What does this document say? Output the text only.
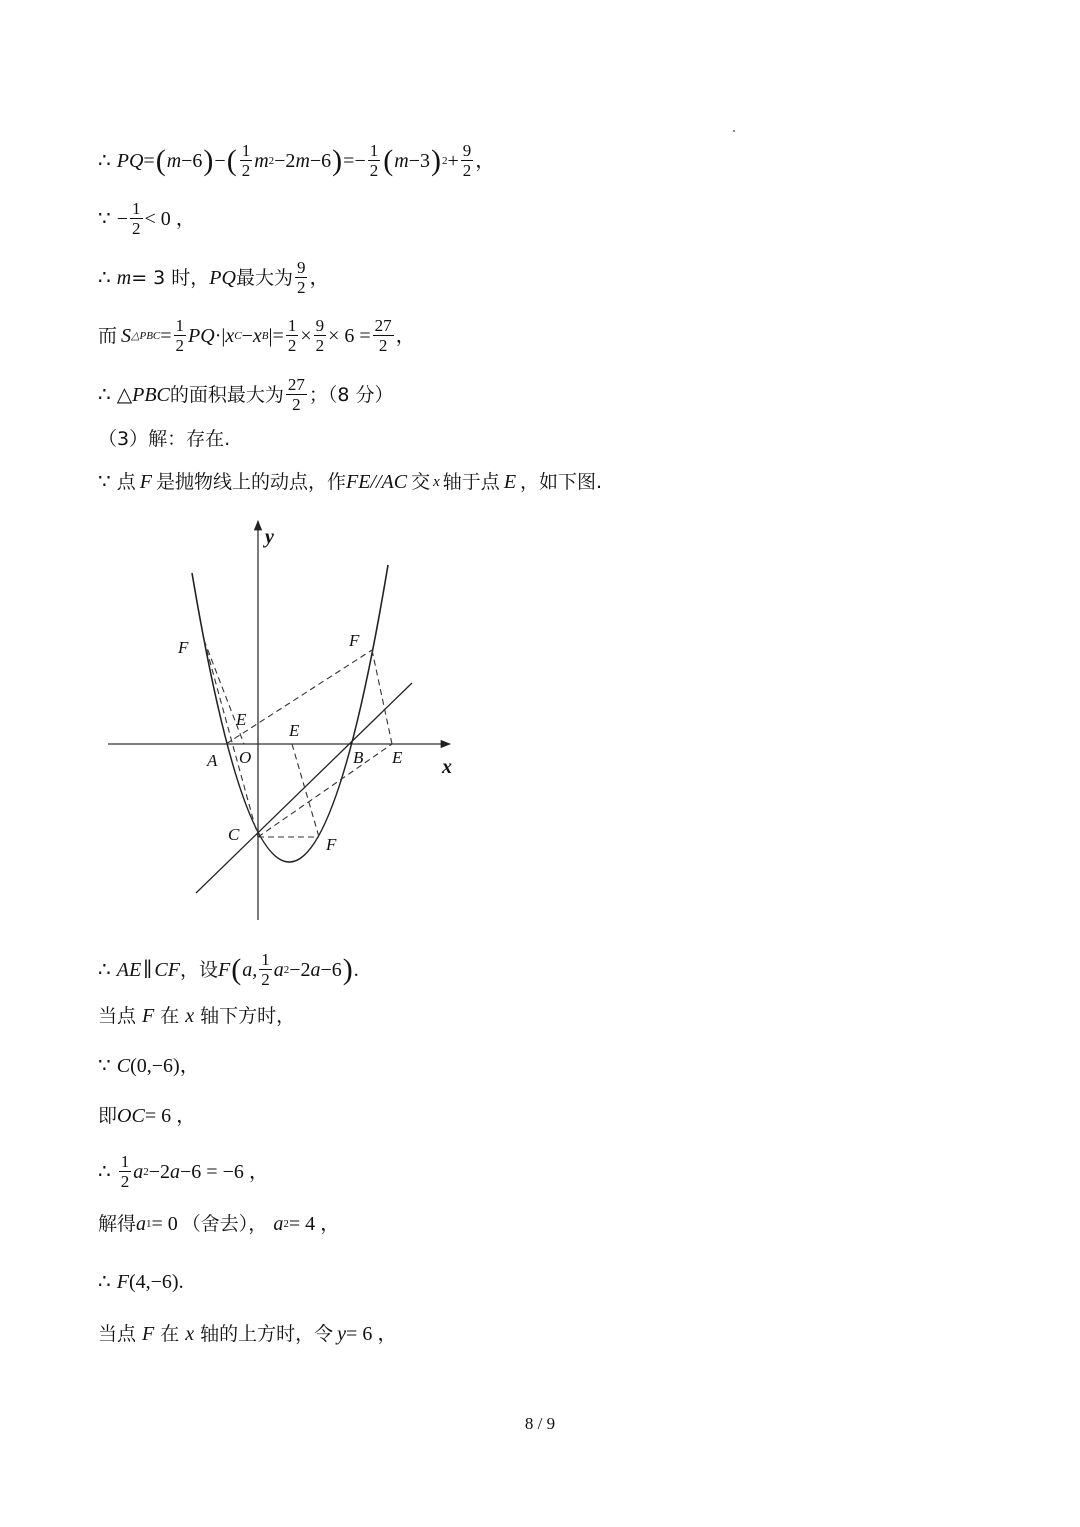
∴ PQ = ( m −6 ) − ( $\frac{1}{2}$ m 2 −2 m −6 ) =− $\frac{1}{2}$ ( m −3 ) $2 + \frac{9}{2}$ ，
∵ − $\frac{1}{2} < 0$ ，
∴ m = 3 时， PQ 最大为 $\frac{9}{2}$ ，
而 S △PBC = $\frac{1}{2}$ PQ ·| x C − x B |= $\frac{1}{2} \times \frac{9}{2} \times 6 = \frac{27}{2}$ ，
∴ △ PBC 的面积最大为 $\frac{27}{2}$ ；（8 分）
（3）解：存在.
∵ 点 F 是抛物线上的动点，作 FE // AC 交 x 轴于点 E ，如下图.
y
x
O
A	B
C
F	F
F
E
E
E
∴ AE ∥ CF ，设 F ( a, $\frac{1}{2}$ a 2 −2 a −6 ) .
当点 F 在 x 轴下方时，
∵ C (0,−6) ，
即 OC = 6 ，
∴ $\frac{1}{2}$ a 2 −2 a −6 = −6 ，
解得 a 1 = 0 （舍去）， a 2 = 4 ，
∴ F (4,−6) .
当点 F 在 x 轴的上方时，令 y = 6 ，
8 / 9
